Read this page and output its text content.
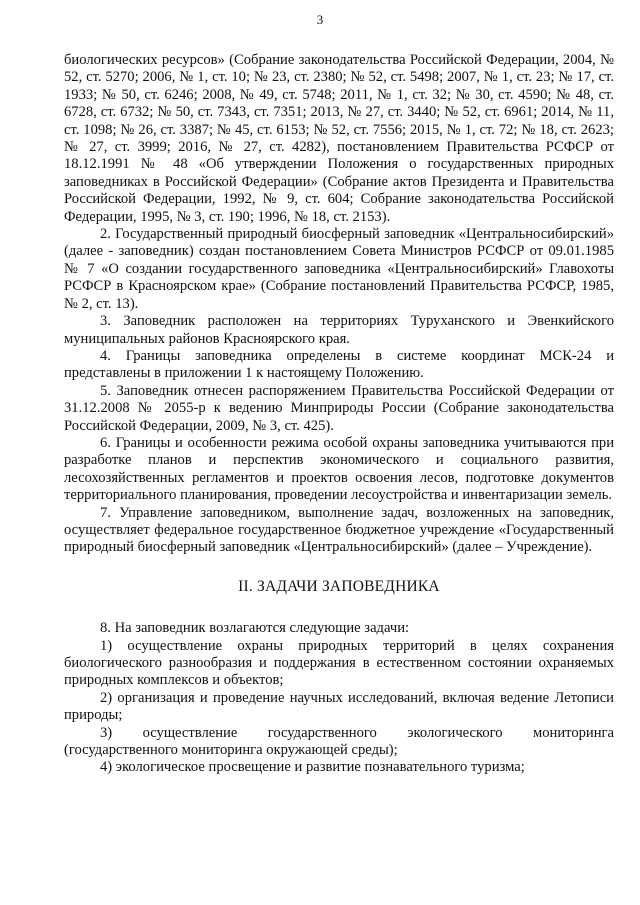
3

биологических ресурсов» (Собрание законодательства Российской Федерации, 2004, № 52, ст. 5270; 2006, № 1, ст. 10; № 23, ст. 2380; № 52, ст. 5498; 2007, № 1, ст. 23; № 17, ст. 1933; № 50, ст. 6246; 2008, № 49, ст. 5748; 2011, № 1, ст. 32; № 30, ст. 4590; № 48, ст. 6728, ст. 6732; № 50, ст. 7343, ст. 7351; 2013, № 27, ст. 3440; № 52, ст. 6961; 2014, № 11, ст. 1098; № 26, ст. 3387; № 45, ст. 6153; № 52, ст. 7556; 2015, № 1, ст. 72; № 18, ст. 2623; № 27, ст. 3999; 2016, № 27, ст. 4282), постановлением Правительства РСФСР от 18.12.1991 № 48 «Об утверждении Положения о государственных природных заповедниках в Российской Федерации» (Собрание актов Президента и Правительства Российской Федерации, 1992, № 9, ст. 604; Собрание законодательства Российской Федерации, 1995, № 3, ст. 190; 1996, № 18, ст. 2153).

2. Государственный природный биосферный заповедник «Центральносибирский» (далее - заповедник) создан постановлением Совета Министров РСФСР от 09.01.1985 № 7 «О создании государственного заповедника «Центральносибирский» Главохоты РСФСР в Красноярском крае» (Собрание постановлений Правительства РСФСР, 1985, № 2, ст. 13).

3. Заповедник расположен на территориях Туруханского и Эвенкийского муниципальных районов Красноярского края.

4. Границы заповедника определены в системе координат МСК-24 и представлены в приложении 1 к настоящему Положению.

5. Заповедник отнесен распоряжением Правительства Российской Федерации от 31.12.2008 № 2055-р к ведению Минприроды России (Собрание законодательства Российской Федерации, 2009, № 3, ст. 425).

6. Границы и особенности режима особой охраны заповедника учитываются при разработке планов и перспектив экономического и социального развития, лесохозяйственных регламентов и проектов освоения лесов, подготовке документов территориального планирования, проведении лесоустройства и инвентаризации земель.

7. Управление заповедником, выполнение задач, возложенных на заповедник, осуществляет федеральное государственное бюджетное учреждение «Государственный природный биосферный заповедник «Центральносибирский» (далее – Учреждение).

II. ЗАДАЧИ ЗАПОВЕДНИКА

8. На заповедник возлагаются следующие задачи:

1) осуществление охраны природных территорий в целях сохранения биологического разнообразия и поддержания в естественном состоянии охраняемых природных комплексов и объектов;

2) организация и проведение научных исследований, включая ведение Летописи природы;

3) осуществление государственного экологического мониторинга (государственного мониторинга окружающей среды);

4) экологическое просвещение и развитие познавательного туризма;
